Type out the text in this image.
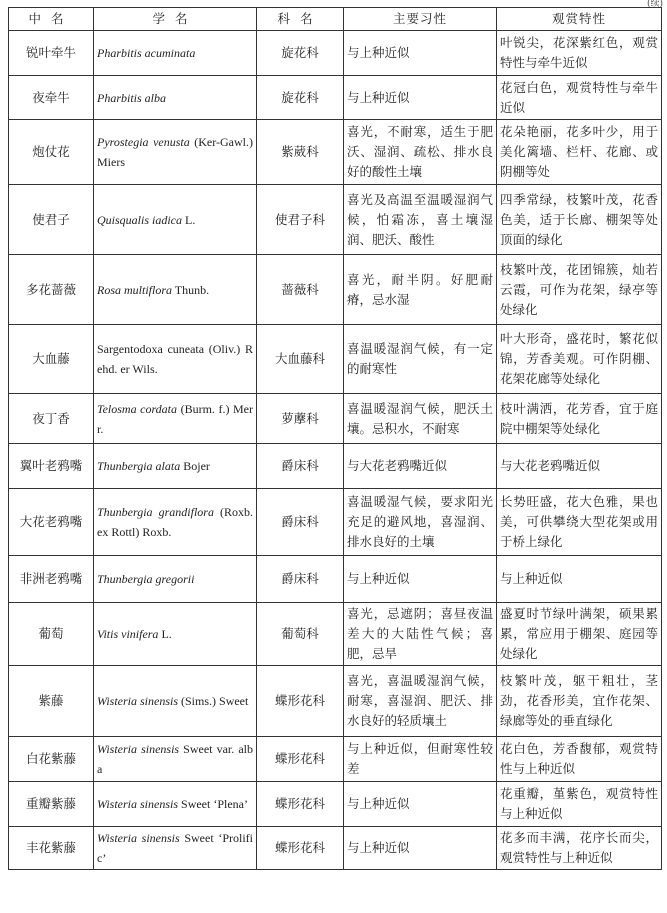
(续)
中名	学名	科名	主要习性	观赏特性
锐叶牵牛	Pharbitis acuminata	旋花科	与上种近似	叶锐尖，花深紫红色，观赏特性与牵牛近似
夜牵牛	Pharbitis alba	旋花科	与上种近似	花冠白色，观赏特性与牵牛近似
炮仗花	Pyrostegia venusta (Ker-Gawl.) Miers	紫葳科	喜光，不耐寒，适生于肥沃、湿润、疏松、排水良好的酸性土壤	花朵艳丽，花多叶少，用于美化篱墙、栏杆、花廊、或阴棚等处
使君子	Quisqualis iadica L.	使君子科	喜光及高温至温暖湿润气候，怕霜冻，喜土壤湿润、肥沃、酸性	四季常绿，枝繁叶茂，花香色美，适于长廊、棚架等处顶面的绿化
多花蔷薇	Rosa multiflora Thunb.	蔷薇科	喜光，耐半阴。好肥耐瘠，忌水湿	枝繁叶茂，花团锦簇，灿若云霞，可作为花架，绿亭等处绿化
大血藤	Sargentodoxa cuneata (Oliv.) Rehd. er Wils.	大血藤科	喜温暖湿润气候，有一定的耐寒性	叶大形奇，盛花时，繁花似锦，芳香美观。可作阴棚、花架花廊等处绿化
夜丁香	Telosma cordata (Burm. f.) Merr.	萝藦科	喜温暖湿润气候，肥沃土壤。忌积水，不耐寒	枝叶满洒，花芳香，宜于庭院中棚架等处绿化
翼叶老鸦嘴	Thunbergia alata Bojer	爵床科	与大花老鸦嘴近似	与大花老鸦嘴近似
大花老鸦嘴	Thunbergia grandiflora (Roxb. ex Rottl) Roxb.	爵床科	喜温暖湿气候，要求阳光充足的避风地，喜湿润、排水良好的土壤	长势旺盛，花大色雅，果也美，可供攀绕大型花架或用于桥上绿化
非洲老鸦嘴	Thunbergia gregorii	爵床科	与上种近似	与上种近似
葡萄	Vitis vinifera L.	葡萄科	喜光，忌遮阴；喜昼夜温差大的大陆性气候；喜肥，忌旱	盛夏时节绿叶满架，硕果累累，常应用于棚架、庭园等处绿化
紫藤	Wisteria sinensis (Sims.) Sweet	蝶形花科	喜光，喜温暖湿润气候，耐寒，喜湿润、肥沃、排水良好的轻质壤土	枝繁叶茂，躯干粗壮，茎劲，花香形美，宜作花架、绿廊等处的垂直绿化
白花紫藤	Wisteria sinensis Sweet var. alba	蝶形花科	与上种近似，但耐寒性较差	花白色，芳香馥郁，观赏特性与上种近似
重瓣紫藤	Wisteria sinensis Sweet ‘Plena’	蝶形花科	与上种近似	花重瓣，堇紫色，观赏特性与上种近似
丰花紫藤	Wisteria sinensis Sweet ‘Prolific’	蝶形花科	与上种近似	花多而丰满，花序长而尖，观赏特性与上种近似
